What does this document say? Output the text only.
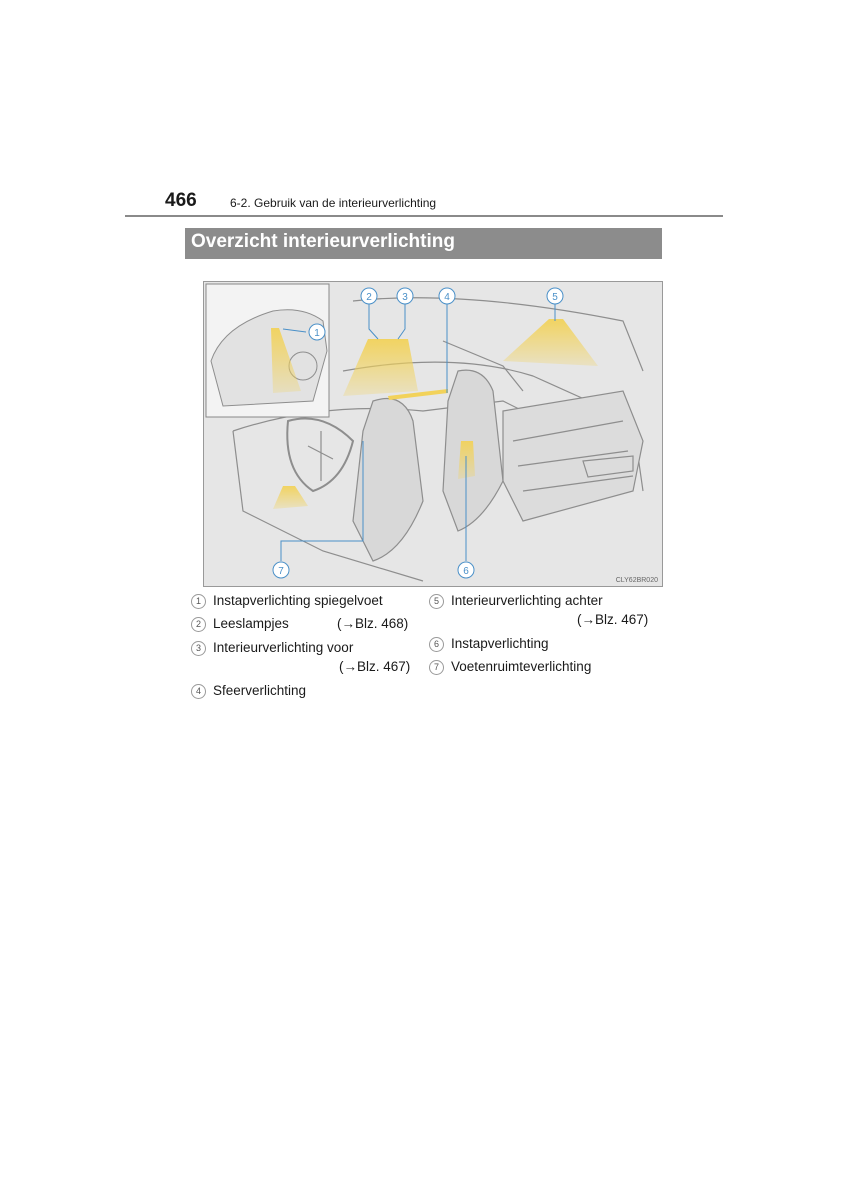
466	6-2. Gebruik van de interieurverlichting
Overzicht interieurverlichting
1
2	3	4	5
6
7
CLY62BR020
1 Instapverlichting spiegelvoet
2 Leeslampjes	(→Blz. 468)
3 Interieurverlichting voor
(→Blz. 467)
4 Sfeerverlichting
5 Interieurverlichting achter
(→Blz. 467)
6 Instapverlichting
7 Voetenruimteverlichting
